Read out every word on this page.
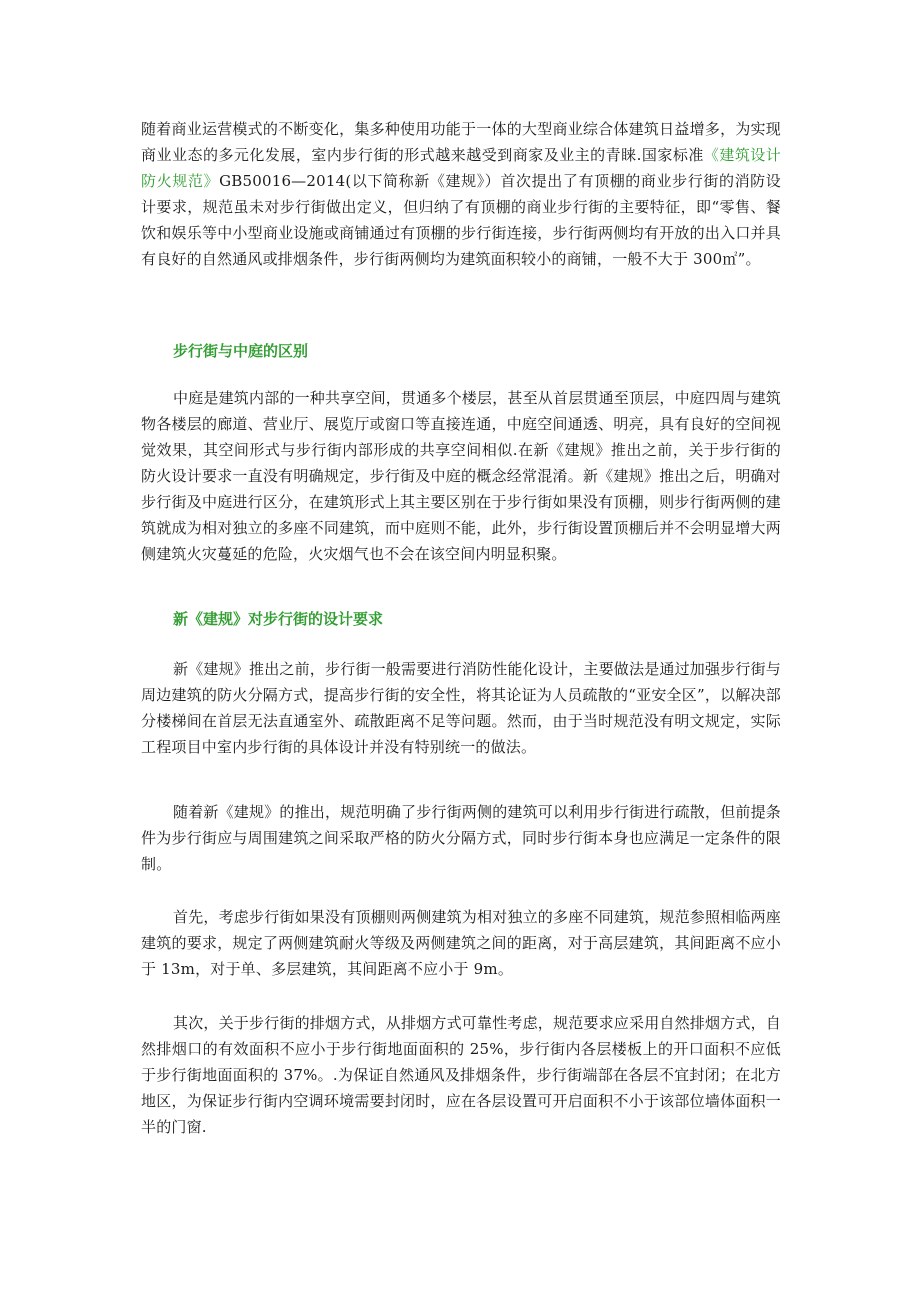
随着商业运营模式的不断变化，集多种使用功能于一体的大型商业综合体建筑日益增多，为实现商业业态的多元化发展，室内步行街的形式越来越受到商家及业主的青睐.国家标准《建筑设计防火规范》GB50016—2014(以下简称新《建规》）首次提出了有顶棚的商业步行街的消防设计要求，规范虽未对步行街做出定义，但归纳了有顶棚的商业步行街的主要特征，即“零售、餐饮和娱乐等中小型商业设施或商铺通过有顶棚的步行街连接，步行街两侧均有开放的出入口并具有良好的自然通风或排烟条件，步行街两侧均为建筑面积较小的商铺，一般不大于 300㎡”。

步行街与中庭的区别

中庭是建筑内部的一种共享空间，贯通多个楼层，甚至从首层贯通至顶层，中庭四周与建筑物各楼层的廊道、营业厅、展览厅或窗口等直接连通，中庭空间通透、明亮，具有良好的空间视觉效果，其空间形式与步行街内部形成的共享空间相似.在新《建规》推出之前，关于步行街的防火设计要求一直没有明确规定，步行街及中庭的概念经常混淆。新《建规》推出之后，明确对步行街及中庭进行区分，在建筑形式上其主要区别在于步行街如果没有顶棚，则步行街两侧的建筑就成为相对独立的多座不同建筑，而中庭则不能，此外，步行街设置顶棚后并不会明显增大两侧建筑火灾蔓延的危险，火灾烟气也不会在该空间内明显积聚。

新《建规》对步行街的设计要求

新《建规》推出之前，步行街一般需要进行消防性能化设计，主要做法是通过加强步行街与周边建筑的防火分隔方式，提高步行街的安全性，将其论证为人员疏散的“亚安全区”，以解决部分楼梯间在首层无法直通室外、疏散距离不足等问题。然而，由于当时规范没有明文规定，实际工程项目中室内步行街的具体设计并没有特别统一的做法。

随着新《建规》的推出，规范明确了步行街两侧的建筑可以利用步行街进行疏散，但前提条件为步行街应与周围建筑之间采取严格的防火分隔方式，同时步行街本身也应满足一定条件的限制。

首先，考虑步行街如果没有顶棚则两侧建筑为相对独立的多座不同建筑，规范参照相临两座建筑的要求，规定了两侧建筑耐火等级及两侧建筑之间的距离，对于高层建筑，其间距离不应小于 13m，对于单、多层建筑，其间距离不应小于 9m。

其次，关于步行街的排烟方式，从排烟方式可靠性考虑，规范要求应采用自然排烟方式，自然排烟口的有效面积不应小于步行街地面面积的 25%，步行街内各层楼板上的开口面积不应低于步行街地面面积的 37%。.为保证自然通风及排烟条件，步行街端部在各层不宜封闭；在北方地区，为保证步行街内空调环境需要封闭时，应在各层设置可开启面积不小于该部位墙体面积一半的门窗.
